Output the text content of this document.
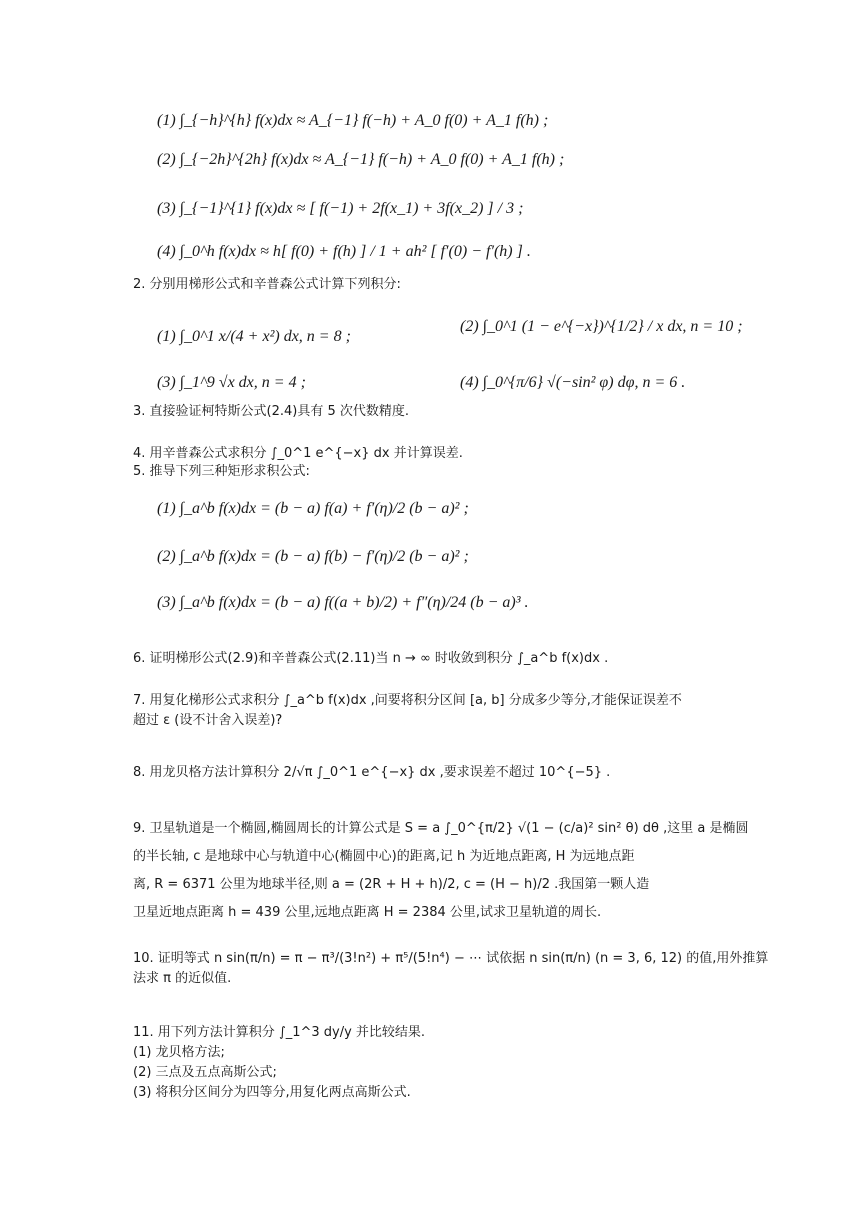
(1) ∫_{−h}^{h} f(x)dx ≈ A_{−1} f(−h) + A_0 f(0) + A_1 f(h) ;
(2) ∫_{−2h}^{2h} f(x)dx ≈ A_{−1} f(−h) + A_0 f(0) + A_1 f(h) ;
(3) ∫_{−1}^{1} f(x)dx ≈ [ f(−1) + 2f(x_1) + 3f(x_2) ] / 3 ;
(4) ∫_0^h f(x)dx ≈ h[ f(0) + f(h) ] / 1 + ah² [ f′(0) − f′(h) ] .
2. 分别用梯形公式和辛普森公式计算下列积分:
(1) ∫_0^1 x/(4 + x²) dx, n = 8 ;
(2) ∫_0^1 (1 − e^{−x})^{1/2} / x dx, n = 10 ;
(3) ∫_1^9 √x dx, n = 4 ;	(4) ∫_0^{π/6} √(−sin² φ) dφ, n = 6 .
3. 直接验证柯特斯公式(2.4)具有 5 次代数精度.
4. 用辛普森公式求积分 ∫_0^1 e^{−x} dx 并计算误差.
5. 推导下列三种矩形求积公式:
(1) ∫_a^b f(x)dx = (b − a) f(a) + f′(η)/2 (b − a)² ;
(2) ∫_a^b f(x)dx = (b − a) f(b) − f′(η)/2 (b − a)² ;
(3) ∫_a^b f(x)dx = (b − a) f((a + b)/2) + f″(η)/24 (b − a)³ .
6. 证明梯形公式(2.9)和辛普森公式(2.11)当 n → ∞ 时收敛到积分 ∫_a^b f(x)dx .
7. 用复化梯形公式求积分 ∫_a^b f(x)dx ,问要将积分区间 [a, b] 分成多少等分,才能保证误差不
超过 ε (设不计舍入误差)?
8. 用龙贝格方法计算积分 2/√π ∫_0^1 e^{−x} dx ,要求误差不超过 10^{−5} .
9. 卫星轨道是一个椭圆,椭圆周长的计算公式是 S = a ∫_0^{π/2} √(1 − (c/a)² sin² θ) dθ ,这里 a 是椭圆
的半长轴, c 是地球中心与轨道中心(椭圆中心)的距离,记 h 为近地点距离, H 为远地点距
离, R = 6371 公里为地球半径,则 a = (2R + H + h)/2, c = (H − h)/2 .我国第一颗人造
卫星近地点距离 h = 439 公里,远地点距离 H = 2384 公里,试求卫星轨道的周长.
10. 证明等式 n sin(π/n) = π − π³/(3!n²) + π⁵/(5!n⁴) − ⋯ 试依据 n sin(π/n) (n = 3, 6, 12) 的值,用外推算
法求 π 的近似值.
11. 用下列方法计算积分 ∫_1^3 dy/y 并比较结果.
(1) 龙贝格方法;
(2) 三点及五点高斯公式;
(3) 将积分区间分为四等分,用复化两点高斯公式.
